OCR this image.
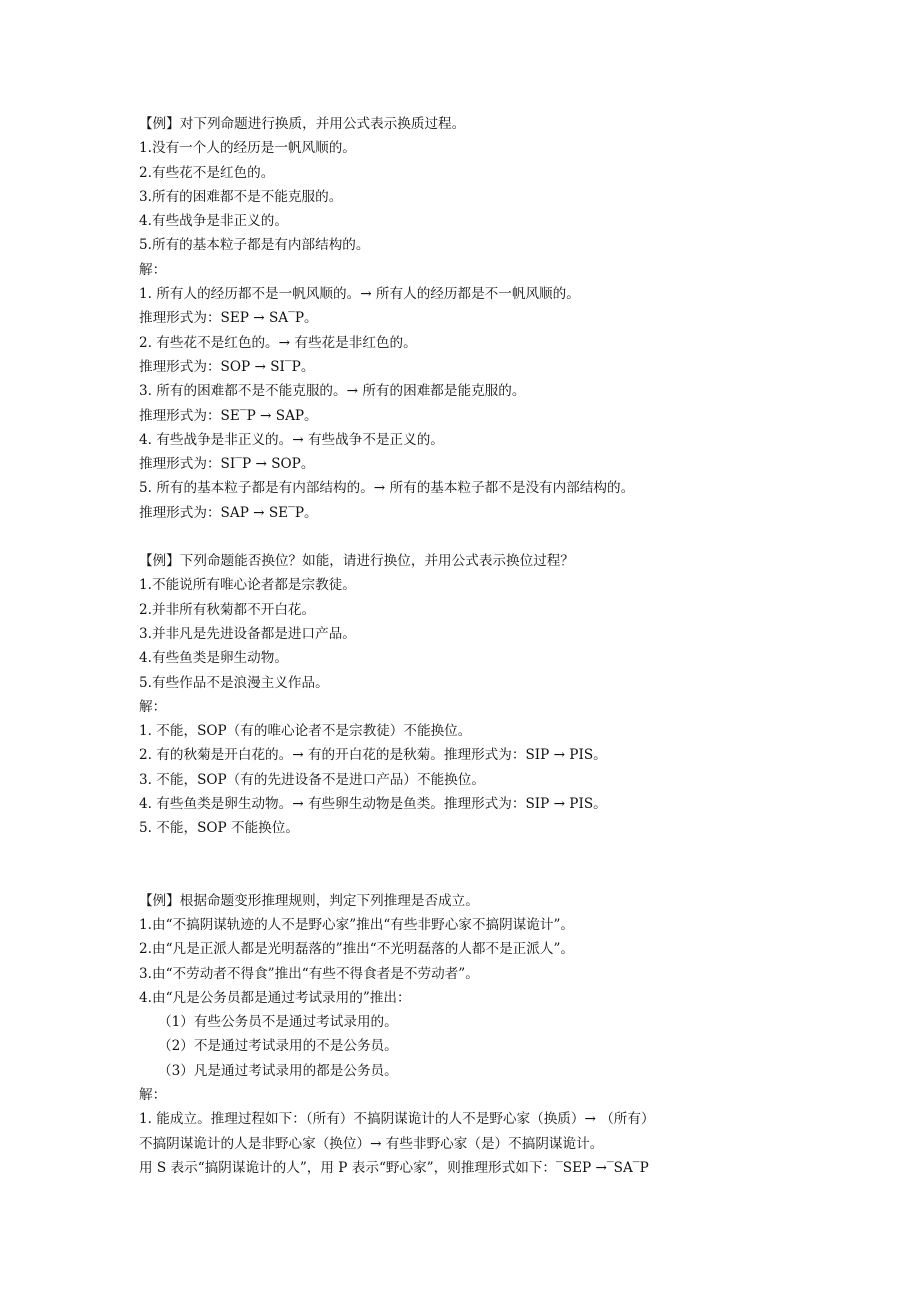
【例】对下列命题进行换质，并用公式表示换质过程。
1.没有一个人的经历是一帆风顺的。
2.有些花不是红色的。
3.所有的困难都不是不能克服的。
4.有些战争是非正义的。
5.所有的基本粒子都是有内部结构的。
解：
1. 所有人的经历都不是一帆风顺的。→ 所有人的经历都是不一帆风顺的。
推理形式为：SEP → SA‾P。
2. 有些花不是红色的。→ 有些花是非红色的。
推理形式为：SOP → SI‾P。
3. 所有的困难都不是不能克服的。→ 所有的困难都是能克服的。
推理形式为：SE‾P → SAP。
4. 有些战争是非正义的。→ 有些战争不是正义的。
推理形式为：SI‾P → SOP。
5. 所有的基本粒子都是有内部结构的。→ 所有的基本粒子都不是没有内部结构的。
推理形式为：SAP → SE‾P。
【例】下列命题能否换位？如能，请进行换位，并用公式表示换位过程？
1.不能说所有唯心论者都是宗教徒。
2.并非所有秋菊都不开白花。
3.并非凡是先进设备都是进口产品。
4.有些鱼类是卵生动物。
5.有些作品不是浪漫主义作品。
解：
1. 不能，SOP（有的唯心论者不是宗教徒）不能换位。
2. 有的秋菊是开白花的。→ 有的开白花的是秋菊。推理形式为：SIP → PIS。
3. 不能，SOP（有的先进设备不是进口产品）不能换位。
4. 有些鱼类是卵生动物。→ 有些卵生动物是鱼类。推理形式为：SIP → PIS。
5. 不能，SOP 不能换位。
【例】根据命题变形推理规则，判定下列推理是否成立。
1.由“不搞阴谋轨迹的人不是野心家”推出“有些非野心家不搞阴谋诡计”。
2.由“凡是正派人都是光明磊落的”推出“不光明磊落的人都不是正派人”。
3.由“不劳动者不得食”推出“有些不得食者是不劳动者”。
4.由“凡是公务员都是通过考试录用的”推出：
（1）有些公务员不是通过考试录用的。
（2）不是通过考试录用的不是公务员。
（3）凡是通过考试录用的都是公务员。
解：
1. 能成立。推理过程如下：（所有）不搞阴谋诡计的人不是野心家（换质）→ （所有）
不搞阴谋诡计的人是非野心家（换位）→ 有些非野心家（是）不搞阴谋诡计。
用 S 表示“搞阴谋诡计的人”，用 P 表示“野心家”，则推理形式如下：‾SEP →‾SA‾P
